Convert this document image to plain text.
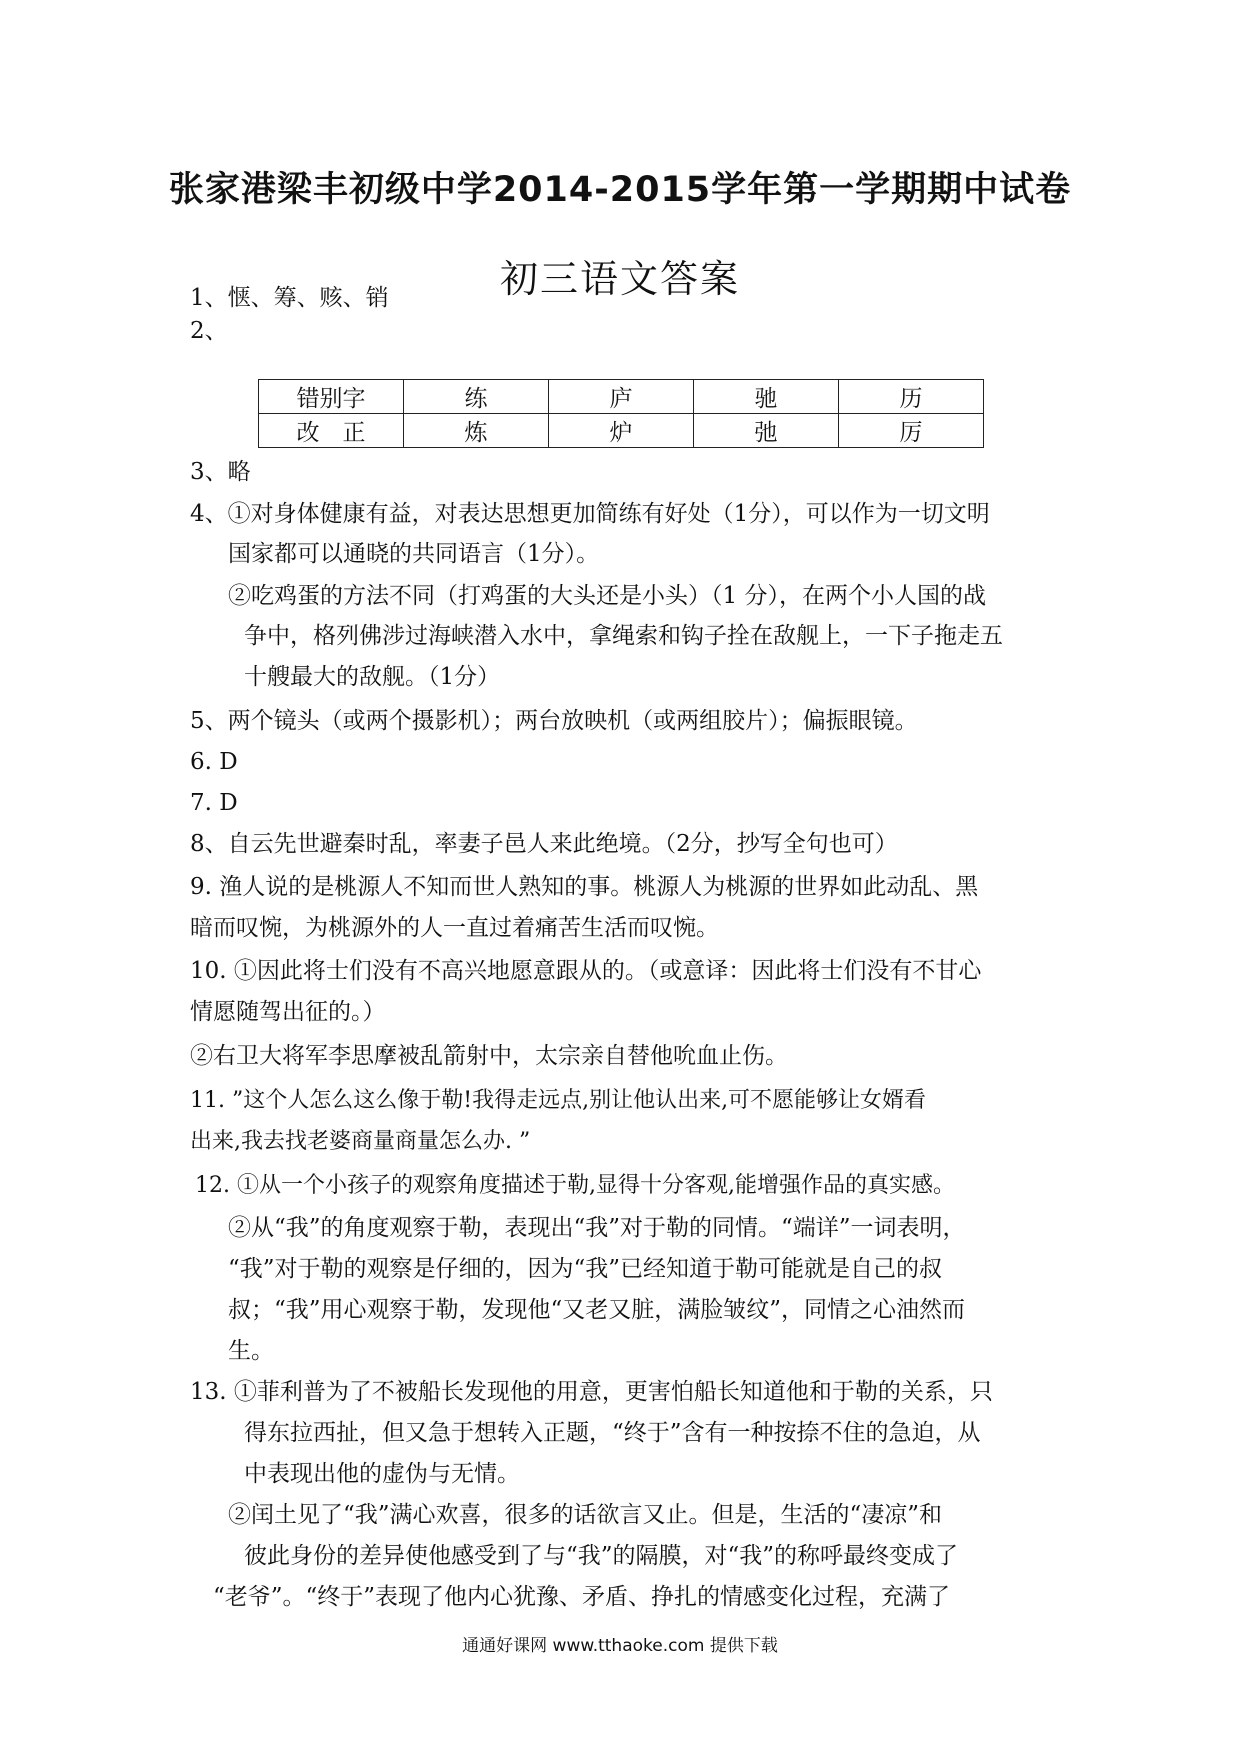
张家港梁丰初级中学2014-2015学年第一学期期中试卷
初三语文答案
1、惬、筹、赅、销
2、
错别字	练	庐	驰	历
改　正	炼	炉	弛	厉
3、略
4、①对身体健康有益，对表达思想更加简练有好处（1分），可以作为一切文明
国家都可以通晓的共同语言（1分）。
②吃鸡蛋的方法不同（打鸡蛋的大头还是小头）（1 分），在两个小人国的战
争中，格列佛涉过海峡潜入水中，拿绳索和钩子拴在敌舰上，一下子拖走五
十艘最大的敌舰。（1分）
5、两个镜头（或两个摄影机）；两台放映机（或两组胶片）；偏振眼镜。
6. D
7. D
8、自云先世避秦时乱，率妻子邑人来此绝境。（2分，抄写全句也可）
9. 渔人说的是桃源人不知而世人熟知的事。桃源人为桃源的世界如此动乱、黑
暗而叹惋，为桃源外的人一直过着痛苦生活而叹惋。
10. ①因此将士们没有不高兴地愿意跟从的。（或意译：因此将士们没有不甘心
情愿随驾出征的。）
②右卫大将军李思摩被乱箭射中，太宗亲自替他吮血止伤。
11. ”这个人怎么这么像于勒!我得走远点,别让他认出来,可不愿能够让女婿看
出来,我去找老婆商量商量怎么办. ”
12. ①从一个小孩子的观察角度描述于勒,显得十分客观,能增强作品的真实感。
②从“我”的角度观察于勒，表现出“我”对于勒的同情。“端详”一词表明，
“我”对于勒的观察是仔细的，因为“我”已经知道于勒可能就是自己的叔
叔；“我”用心观察于勒，发现他“又老又脏，满脸皱纹”，同情之心油然而
生。
13. ①菲利普为了不被船长发现他的用意，更害怕船长知道他和于勒的关系，只
得东拉西扯，但又急于想转入正题，“终于”含有一种按捺不住的急迫，从
中表现出他的虚伪与无情。
②闰土见了“我”满心欢喜，很多的话欲言又止。但是，生活的“凄凉”和
彼此身份的差异使他感受到了与“我”的隔膜，对“我”的称呼最终变成了
“老爷”。“终于”表现了他内心犹豫、矛盾、挣扎的情感变化过程，充满了
通通好课网 www.tthaoke.com 提供下载
